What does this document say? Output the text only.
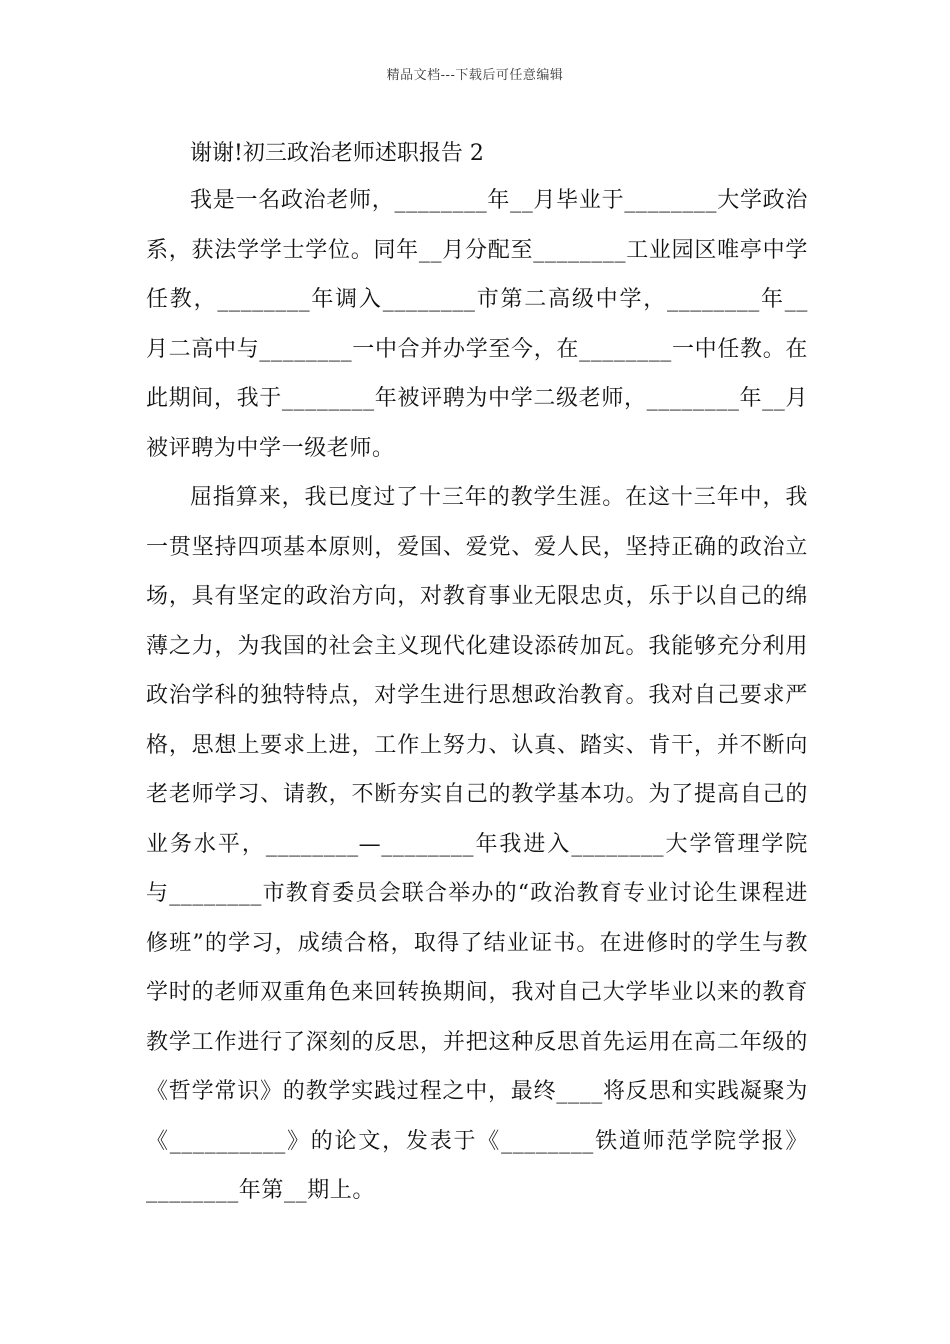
精品文档---下载后可任意编辑
谢谢!初三政治老师述职报告 2

我是一名政治老师，________年__月毕业于________大学政治系，获法学学士学位。同年__月分配至________工业园区唯亭中学任教，________年调入________市第二高级中学，________年__月二高中与________一中合并办学至今，在________一中任教。在此期间，我于________年被评聘为中学二级老师，________年__月被评聘为中学一级老师。

屈指算来，我已度过了十三年的教学生涯。在这十三年中，我一贯坚持四项基本原则，爱国、爱党、爱人民，坚持正确的政治立场，具有坚定的政治方向，对教育事业无限忠贞，乐于以自己的绵薄之力，为我国的社会主义现代化建设添砖加瓦。我能够充分利用政治学科的独特特点，对学生进行思想政治教育。我对自己要求严格，思想上要求上进，工作上努力、认真、踏实、肯干，并不断向老老师学习、请教，不断夯实自己的教学基本功。为了提高自己的业务水平，________—________年我进入________大学管理学院与________市教育委员会联合举办的“政治教育专业讨论生课程进修班”的学习，成绩合格，取得了结业证书。在进修时的学生与教学时的老师双重角色来回转换期间，我对自己大学毕业以来的教育教学工作进行了深刻的反思，并把这种反思首先运用在高二年级的《哲学常识》的教学实践过程之中，最终____将反思和实践凝聚为《__________》的论文，发表于《________铁道师范学院学报》________年第__期上。
